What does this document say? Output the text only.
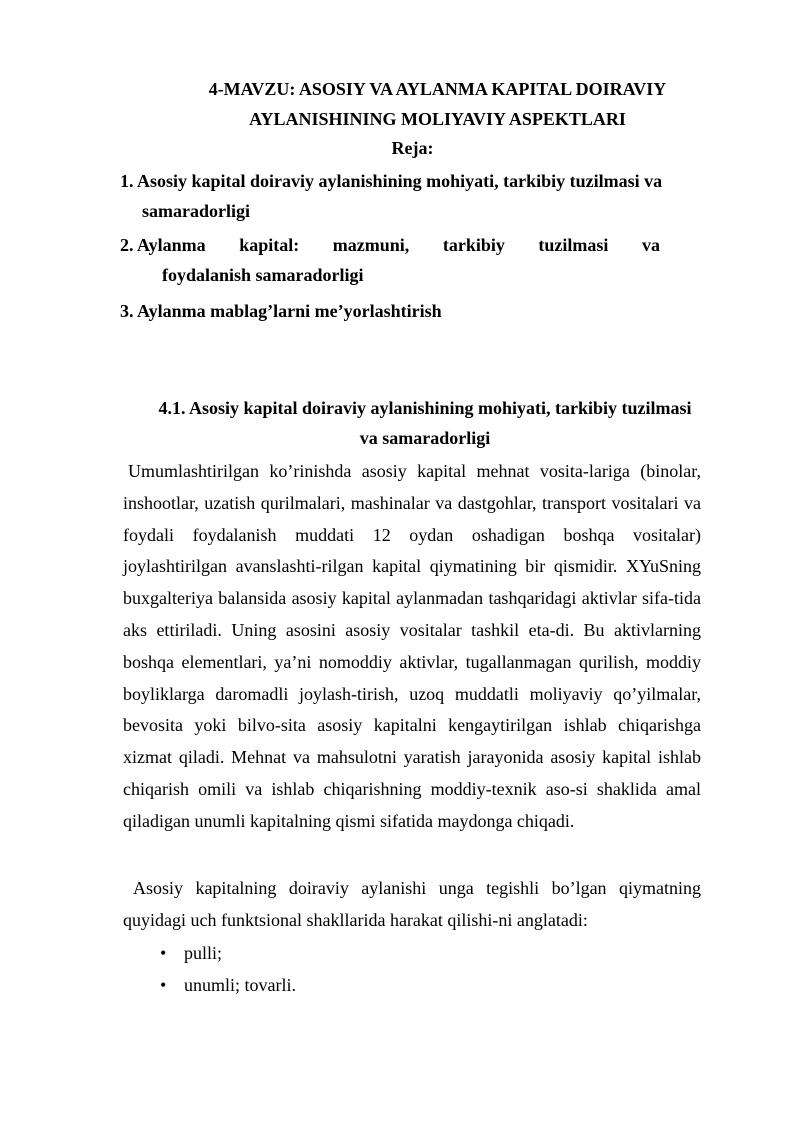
4-MAVZU: ASOSIY VA AYLANMA KAPITAL DOIRAVIY
AYLANISHINING MOLIYAVIY ASPEKTLARI
Reja:
1. Asosiy kapital doiraviy aylanishining mohiyati, tarkibiy tuzilmasi va
samaradorligi
2. Aylanma kapital: mazmuni, tarkibiy tuzilmasi va
foydalanish samaradorligi
3. Aylanma mablag’larni me’yorlashtirish
4.1. Asosiy kapital doiraviy aylanishining mohiyati, tarkibiy tuzilmasi
va samaradorligi

Umumlashtirilgan ko’rinishda asosiy kapital mehnat vosita-lariga (binolar, inshootlar, uzatish qurilmalari, mashinalar va dastgohlar, transport vositalari va foydali foydalanish muddati 12 oydan oshadigan boshqa vositalar) joylashtirilgan avanslashti-rilgan kapital qiymatining bir qismidir. XYuSning buxgalteriya balansida asosiy kapital aylanmadan tashqaridagi aktivlar sifa-tida aks ettiriladi. Uning asosini asosiy vositalar tashkil eta-di. Bu aktivlarning boshqa elementlari, ya’ni nomoddiy aktivlar, tugallanmagan qurilish, moddiy boyliklarga daromadli joylash-tirish, uzoq muddatli moliyaviy qo’yilmalar, bevosita yoki bilvo-sita asosiy kapitalni kengaytirilgan ishlab chiqarishga xizmat qiladi. Mehnat va mahsulotni yaratish jarayonida asosiy kapital ishlab chiqarish omili va ishlab chiqarishning moddiy-texnik aso-si shaklida amal qiladigan unumli kapitalning qismi sifatida maydonga chiqadi.

Asosiy kapitalning doiraviy aylanishi unga tegishli bo’lgan qiymatning quyidagi uch funktsional shakllarida harakat qilishi-ni anglatadi:

• pulli;
• unumli; tovarli.
